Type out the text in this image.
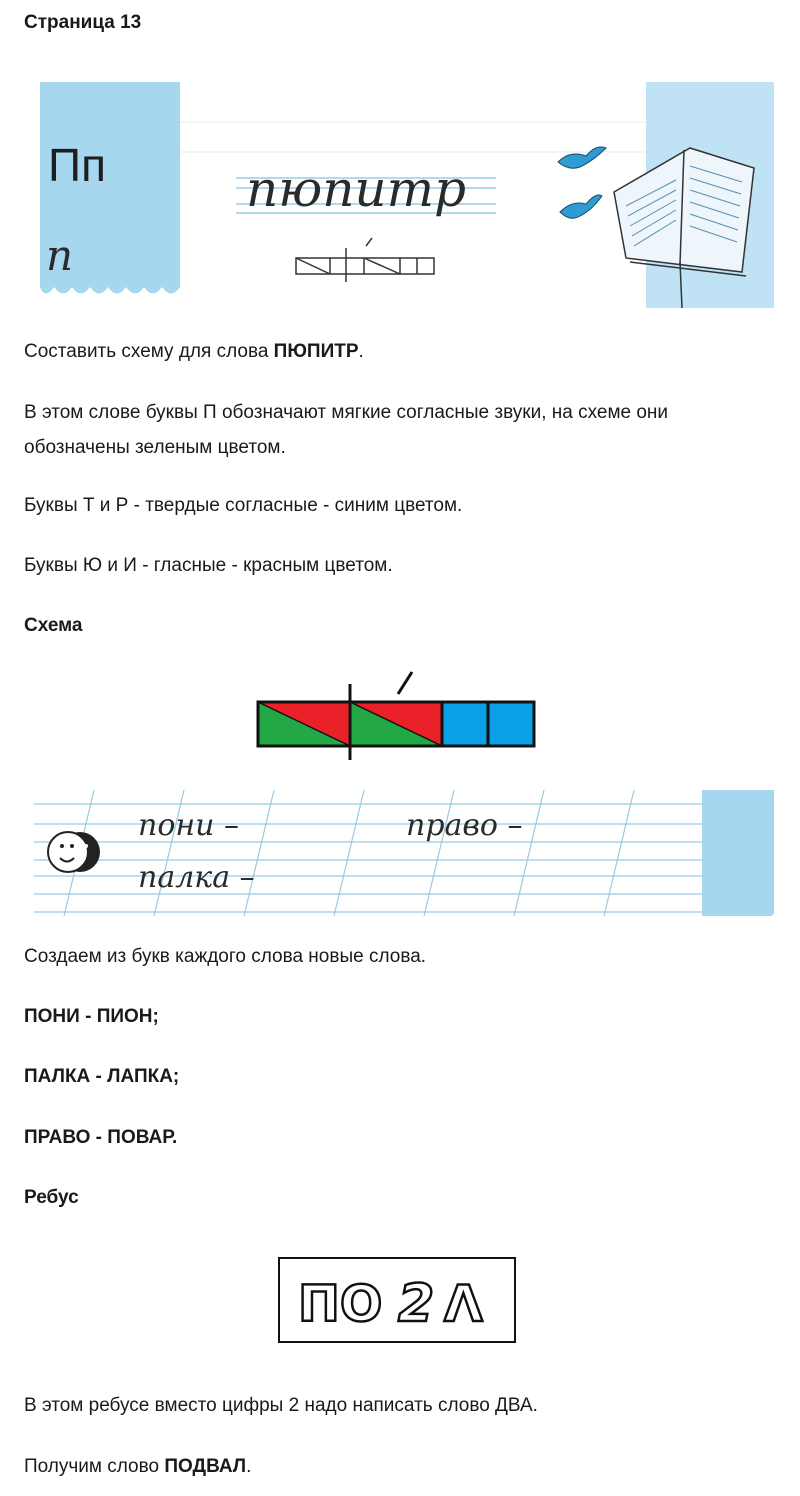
Страница 13
п
пюпитр
Пп

Составить схему для слова ПЮПИТР.

В этом слове буквы П обозначают мягкие согласные звуки, на схеме они обозначены зеленым цветом.

Буквы Т и Р - твердые согласные - синим цветом.

Буквы Ю и И - гласные - красным цветом.

Схема
пони –
палка –
право –

Создаем из букв каждого слова новые слова.

ПОНИ - ПИОН;

ПАЛКА - ЛАПКА;

ПРАВО - ПОВАР.

Ребус
ПО 2 Λ

В этом ребусе вместо цифры 2 надо написать слово ДВА.

Получим слово ПОДВАЛ.
